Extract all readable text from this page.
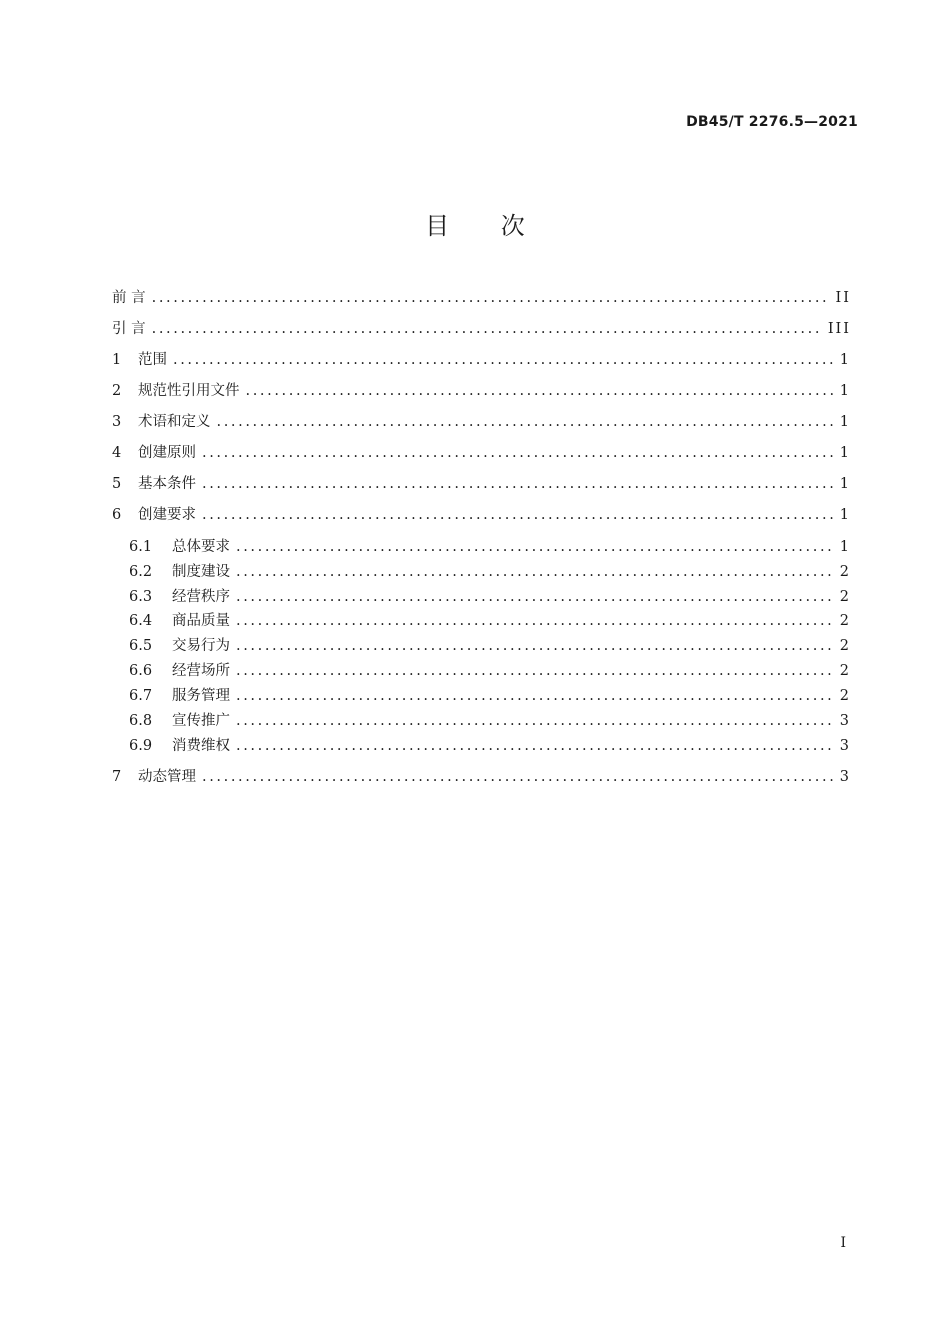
DB45/T 2276.5—2021
目 次
前 言 .....	II
引 言 .....	III
1	范围 .....	1
2	规范性引用文件 .....	1
3	术语和定义 .....	1
4	创建原则 .....	1
5	基本条件 .....	1
6	创建要求 .....	1
6.1	总体要求 .....	1
6.2	制度建设 .....	2
6.3	经营秩序 .....	2
6.4	商品质量 .....	2
6.5	交易行为 .....	2
6.6	经营场所 .....	2
6.7	服务管理 .....	2
6.8	宣传推广 .....	3
6.9	消费维权 .....	3
7	动态管理 .....	3
I
